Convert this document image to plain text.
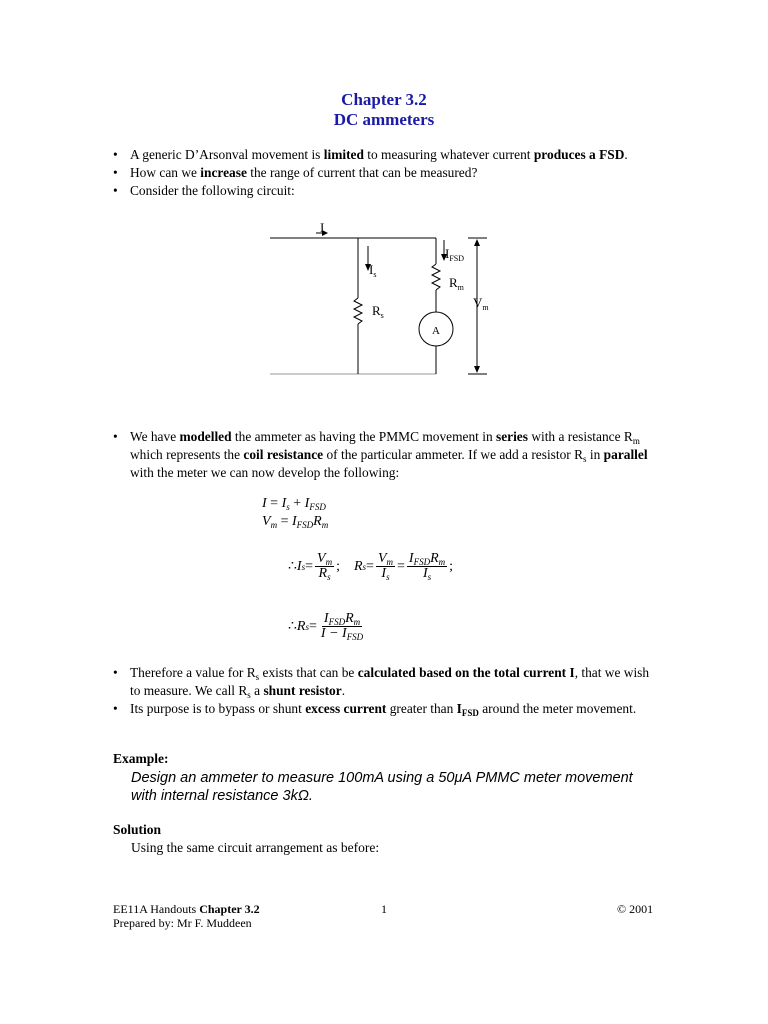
Chapter 3.2
DC ammeters
• A generic D’Arsonval movement is limited to measuring whatever current produces a FSD.
• How can we increase the range of current that can be measured?
• Consider the following circuit:
I
$I_s$
$R_s$
$I_{FSD}$
$R_m$
$V_m$
A
• We have modelled the ammeter as having the PMMC movement in series with a resistance $R_m$ which represents the coil resistance of the particular ammeter. If we add a resistor $R_s$ in parallel with the meter we can now develop the following:
$I = I_s + I_{FSD}$
$V_m = I_{FSD}R_m$
∴ I $s = \frac{V_m}{R_s}$ ; R $s = \frac{V_m}{I_s} = \frac{I_{FSD}R_m}{I_s}$ ;
∴ R $s = \frac{I_{FSD}R_m}{I - I_{FSD}}$
• Therefore a value for $R_s$ exists that can be calculated based on the total current I, that we wish to measure. We call $R_s$ a shunt resistor.
• Its purpose is to bypass or shunt excess current greater than $I_{FSD}$ around the meter movement.
Example:
Design an ammeter to measure 100mA using a 50μA PMMC meter movement
with internal resistance 3kΩ.
Solution
Using the same circuit arrangement as before:
EE11A Handouts Chapter 3.2
Prepared by: Mr F. Muddeen
1	© 2001
